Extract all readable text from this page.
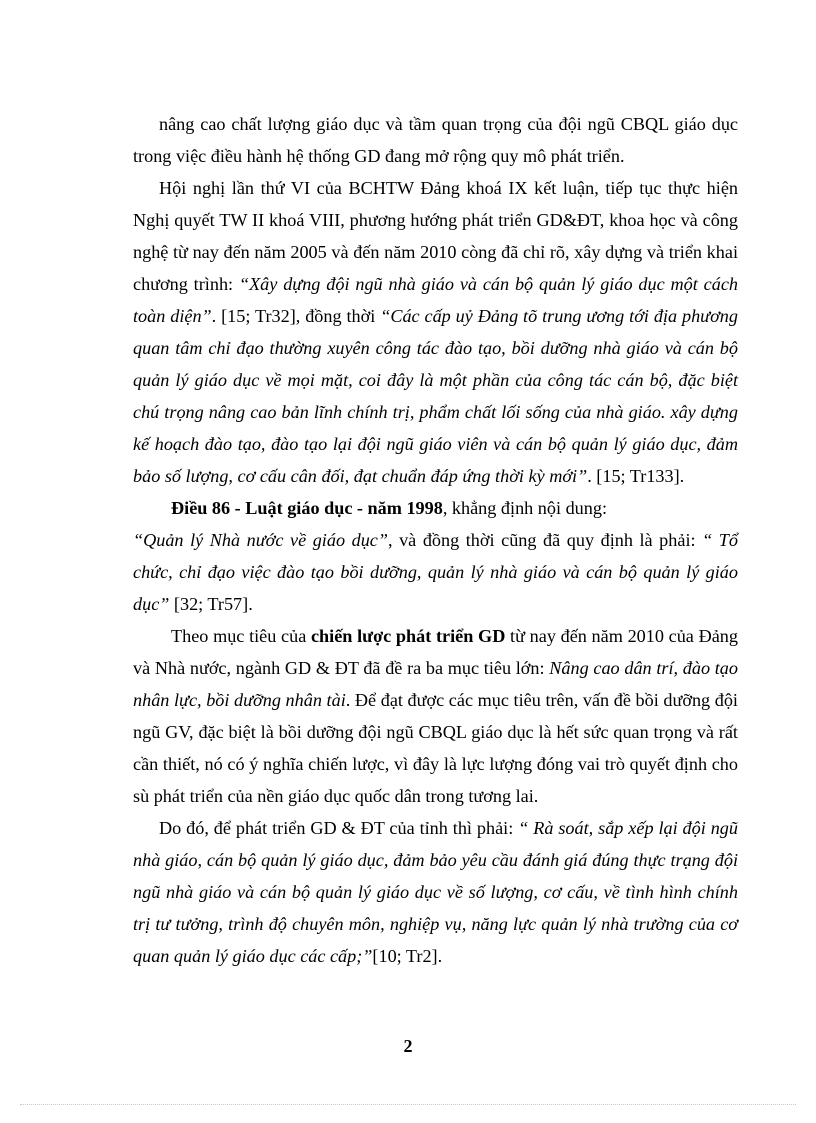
nâng cao chất lượng giáo dục và tầm quan trọng của đội ngũ CBQL giáo dục trong việc điều hành hệ thống GD đang mở rộng quy mô phát triển.

Hội nghị lần thứ VI của BCHTW Đảng khoá IX kết luận, tiếp tục thực hiện Nghị quyết TW II khoá VIII, phương hướng phát triển GD&ĐT, khoa học và công nghệ từ nay đến năm 2005 và đến năm 2010 còng đã chỉ rõ, xây dựng và triển khai chương trình: “Xây dựng đội ngũ nhà giáo và cán bộ quản lý giáo dục một cách toàn diện”. [15; Tr32], đồng thời “Các cấp uỷ Đảng tõ trung ương tới địa phương quan tâm chỉ đạo thường xuyên công tác đào tạo, bồi dưỡng nhà giáo và cán bộ quản lý giáo dục về mọi mặt, coi đây là một phần của công tác cán bộ, đặc biệt chú trọng nâng cao bản lĩnh chính trị, phẩm chất lối sống của nhà giáo. xây dựng kế hoạch đào tạo, đào tạo lại đội ngũ giáo viên và cán bộ quản lý giáo dục, đảm bảo số lượng, cơ cấu cân đối, đạt chuẩn đáp ứng thời kỳ mới”. [15; Tr133].

Điều 86 - Luật giáo dục - năm 1998, khẳng định nội dung:

“Quản lý Nhà nước về giáo dục”, và đồng thời cũng đã quy định là phải: “ Tổ chức, chỉ đạo việc đào tạo bồi dưỡng, quản lý nhà giáo và cán bộ quản lý giáo dục” [32; Tr57].

Theo mục tiêu của chiến lược phát triển GD từ nay đến năm 2010 của Đảng và Nhà nước, ngành GD & ĐT đã đề ra ba mục tiêu lớn: Nâng cao dân trí, đào tạo nhân lực, bồi dưỡng nhân tài. Để đạt được các mục tiêu trên, vấn đề bồi dưỡng đội ngũ GV, đặc biệt là bồi dưỡng đội ngũ CBQL giáo dục là hết sức quan trọng và rất cần thiết, nó có ý nghĩa chiến lược, vì đây là lực lượng đóng vai trò quyết định cho sù phát triển của nền giáo dục quốc dân trong tương lai.

Do đó, để phát triển GD & ĐT của tỉnh thì phải: “ Rà soát, sắp xếp lại đội ngũ nhà giáo, cán bộ quản lý giáo dục, đảm bảo yêu cầu đánh giá đúng thực trạng đội ngũ nhà giáo và cán bộ quản lý giáo dục về số lượng, cơ cấu, về tình hình chính trị tư tưởng, trình độ chuyên môn, nghiệp vụ, năng lực quản lý nhà trường của cơ quan quản lý giáo dục các cấp;”[10; Tr2].

2
